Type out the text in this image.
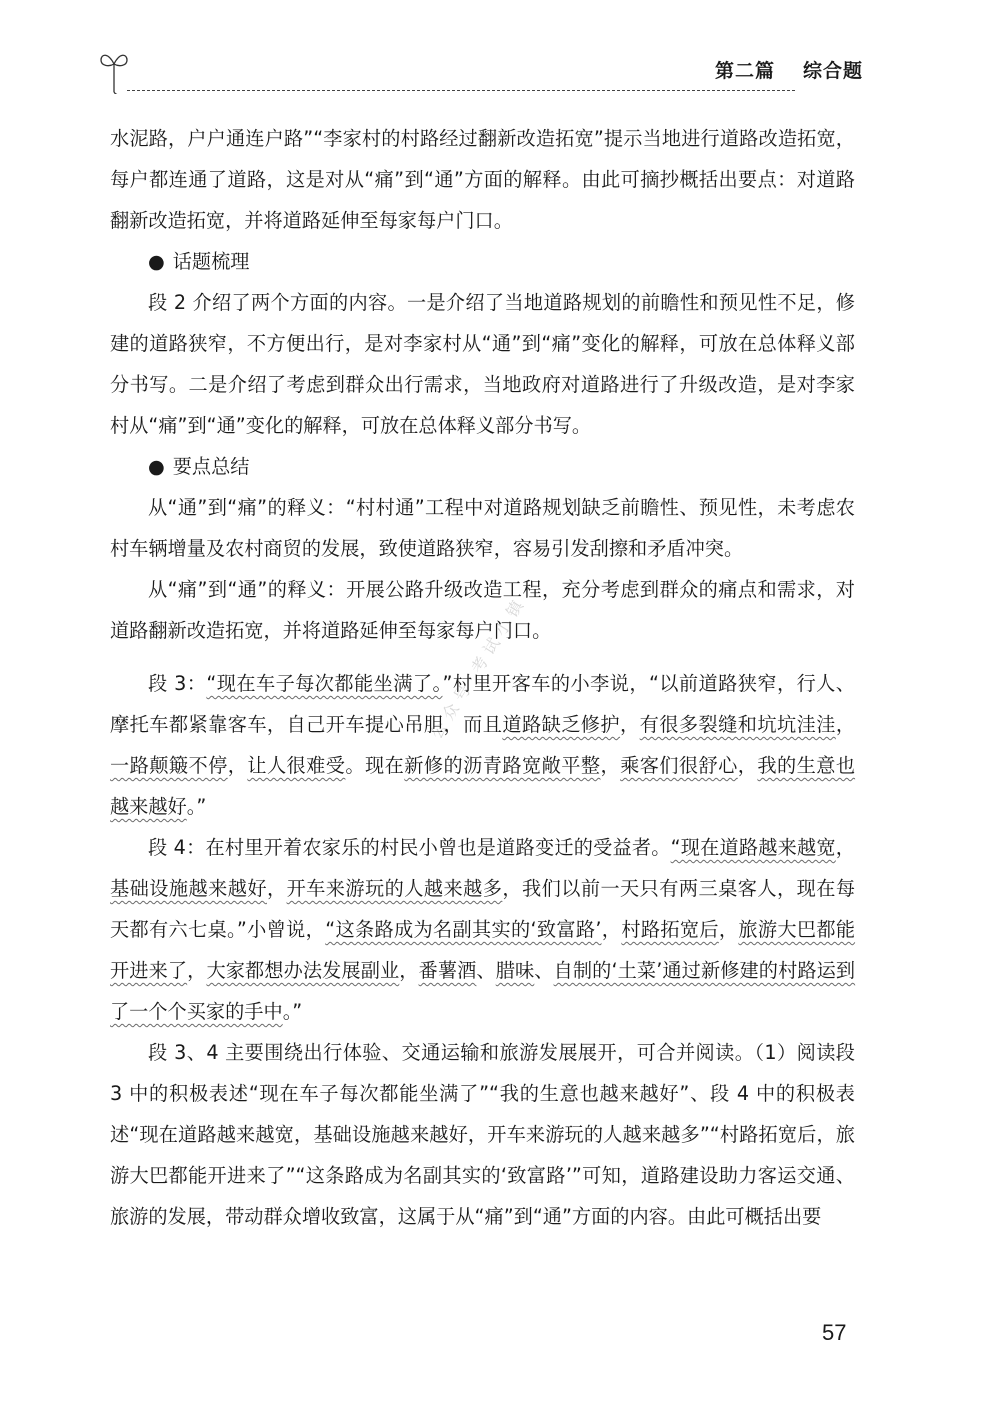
第二篇 综合题
公众号·考试小镇

水泥路，户户通连户路”“李家村的村路经过翻新改造拓宽”提示当地进行道路改造拓宽，每户都连通了道路，这是对从“痛”到“通”方面的解释。由此可摘抄概括出要点：对道路翻新改造拓宽，并将道路延伸至每家每户门口。

● 话题梳理

段 2 介绍了两个方面的内容。一是介绍了当地道路规划的前瞻性和预见性不足，修建的道路狭窄，不方便出行，是对李家村从“通”到“痛”变化的解释，可放在总体释义部分书写。二是介绍了考虑到群众出行需求，当地政府对道路进行了升级改造，是对李家村从“痛”到“通”变化的解释，可放在总体释义部分书写。

● 要点总结

从“通”到“痛”的释义：“村村通”工程中对道路规划缺乏前瞻性、预见性，未考虑农村车辆增量及农村商贸的发展，致使道路狭窄，容易引发刮擦和矛盾冲突。

从“痛”到“通”的释义：开展公路升级改造工程，充分考虑到群众的痛点和需求，对道路翻新改造拓宽，并将道路延伸至每家每户门口。

段 3：“现在车子每次都能坐满了。”村里开客车的小李说，“以前道路狭窄，行人、摩托车都紧靠客车，自己开车提心吊胆，而且道路缺乏修护，有很多裂缝和坑坑洼洼，一路颠簸不停，让人很难受。现在新修的沥青路宽敞平整，乘客们很舒心，我的生意也越来越好。”

段 4：在村里开着农家乐的村民小曾也是道路变迁的受益者。“现在道路越来越宽，基础设施越来越好，开车来游玩的人越来越多，我们以前一天只有两三桌客人，现在每天都有六七桌。”小曾说，“这条路成为名副其实的‘致富路’，村路拓宽后，旅游大巴都能开进来了，大家都想办法发展副业，番薯酒、腊味、自制的‘土菜’通过新修建的村路运到了一个个买家的手中。”

段 3、4 主要围绕出行体验、交通运输和旅游发展展开，可合并阅读。（1）阅读段 3 中的积极表述“现在车子每次都能坐满了”“我的生意也越来越好”、段 4 中的积极表述“现在道路越来越宽，基础设施越来越好，开车来游玩的人越来越多”“村路拓宽后，旅游大巴都能开进来了”“这条路成为名副其实的‘致富路’”可知，道路建设助力客运交通、旅游的发展，带动群众增收致富，这属于从“痛”到“通”方面的内容。由此可概括出要

57
